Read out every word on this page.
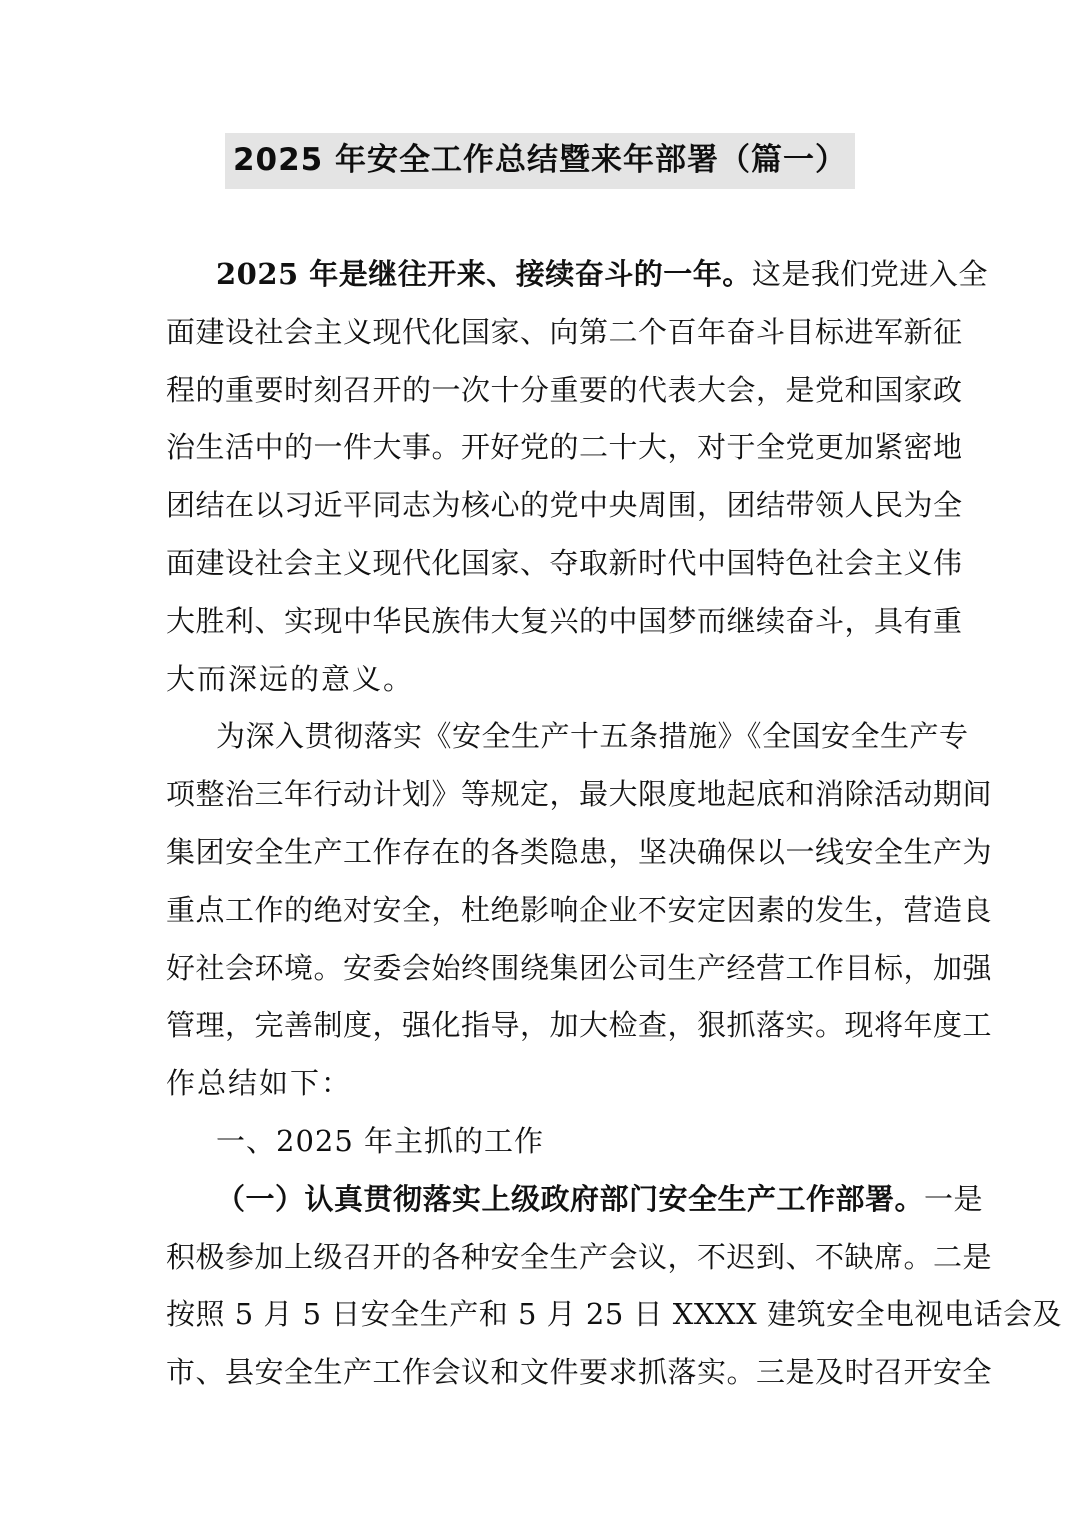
2025 年安全工作总结暨来年部署（篇一）
2025 年是继往开来、接续奋斗的一年。这是我们党进入全
面建设社会主义现代化国家、向第二个百年奋斗目标进军新征
程的重要时刻召开的一次十分重要的代表大会，是党和国家政
治生活中的一件大事。开好党的二十大，对于全党更加紧密地
团结在以习近平同志为核心的党中央周围，团结带领人民为全
面建设社会主义现代化国家、夺取新时代中国特色社会主义伟
大胜利、实现中华民族伟大复兴的中国梦而继续奋斗，具有重
大而深远的意义。
为深入贯彻落实《安全生产十五条措施》《全国安全生产专
项整治三年行动计划》等规定，最大限度地起底和消除活动期间
集团安全生产工作存在的各类隐患，坚决确保以一线安全生产为
重点工作的绝对安全，杜绝影响企业不安定因素的发生，营造良
好社会环境。安委会始终围绕集团公司生产经营工作目标，加强
管理，完善制度，强化指导，加大检查，狠抓落实。现将年度工
作总结如下：
一、2025 年主抓的工作
（一）认真贯彻落实上级政府部门安全生产工作部署。一是
积极参加上级召开的各种安全生产会议，不迟到、不缺席。二是
按照 5 月 5 日安全生产和 5 月 25 日 XXXX 建筑安全电视电话会及
市、县安全生产工作会议和文件要求抓落实。三是及时召开安全
